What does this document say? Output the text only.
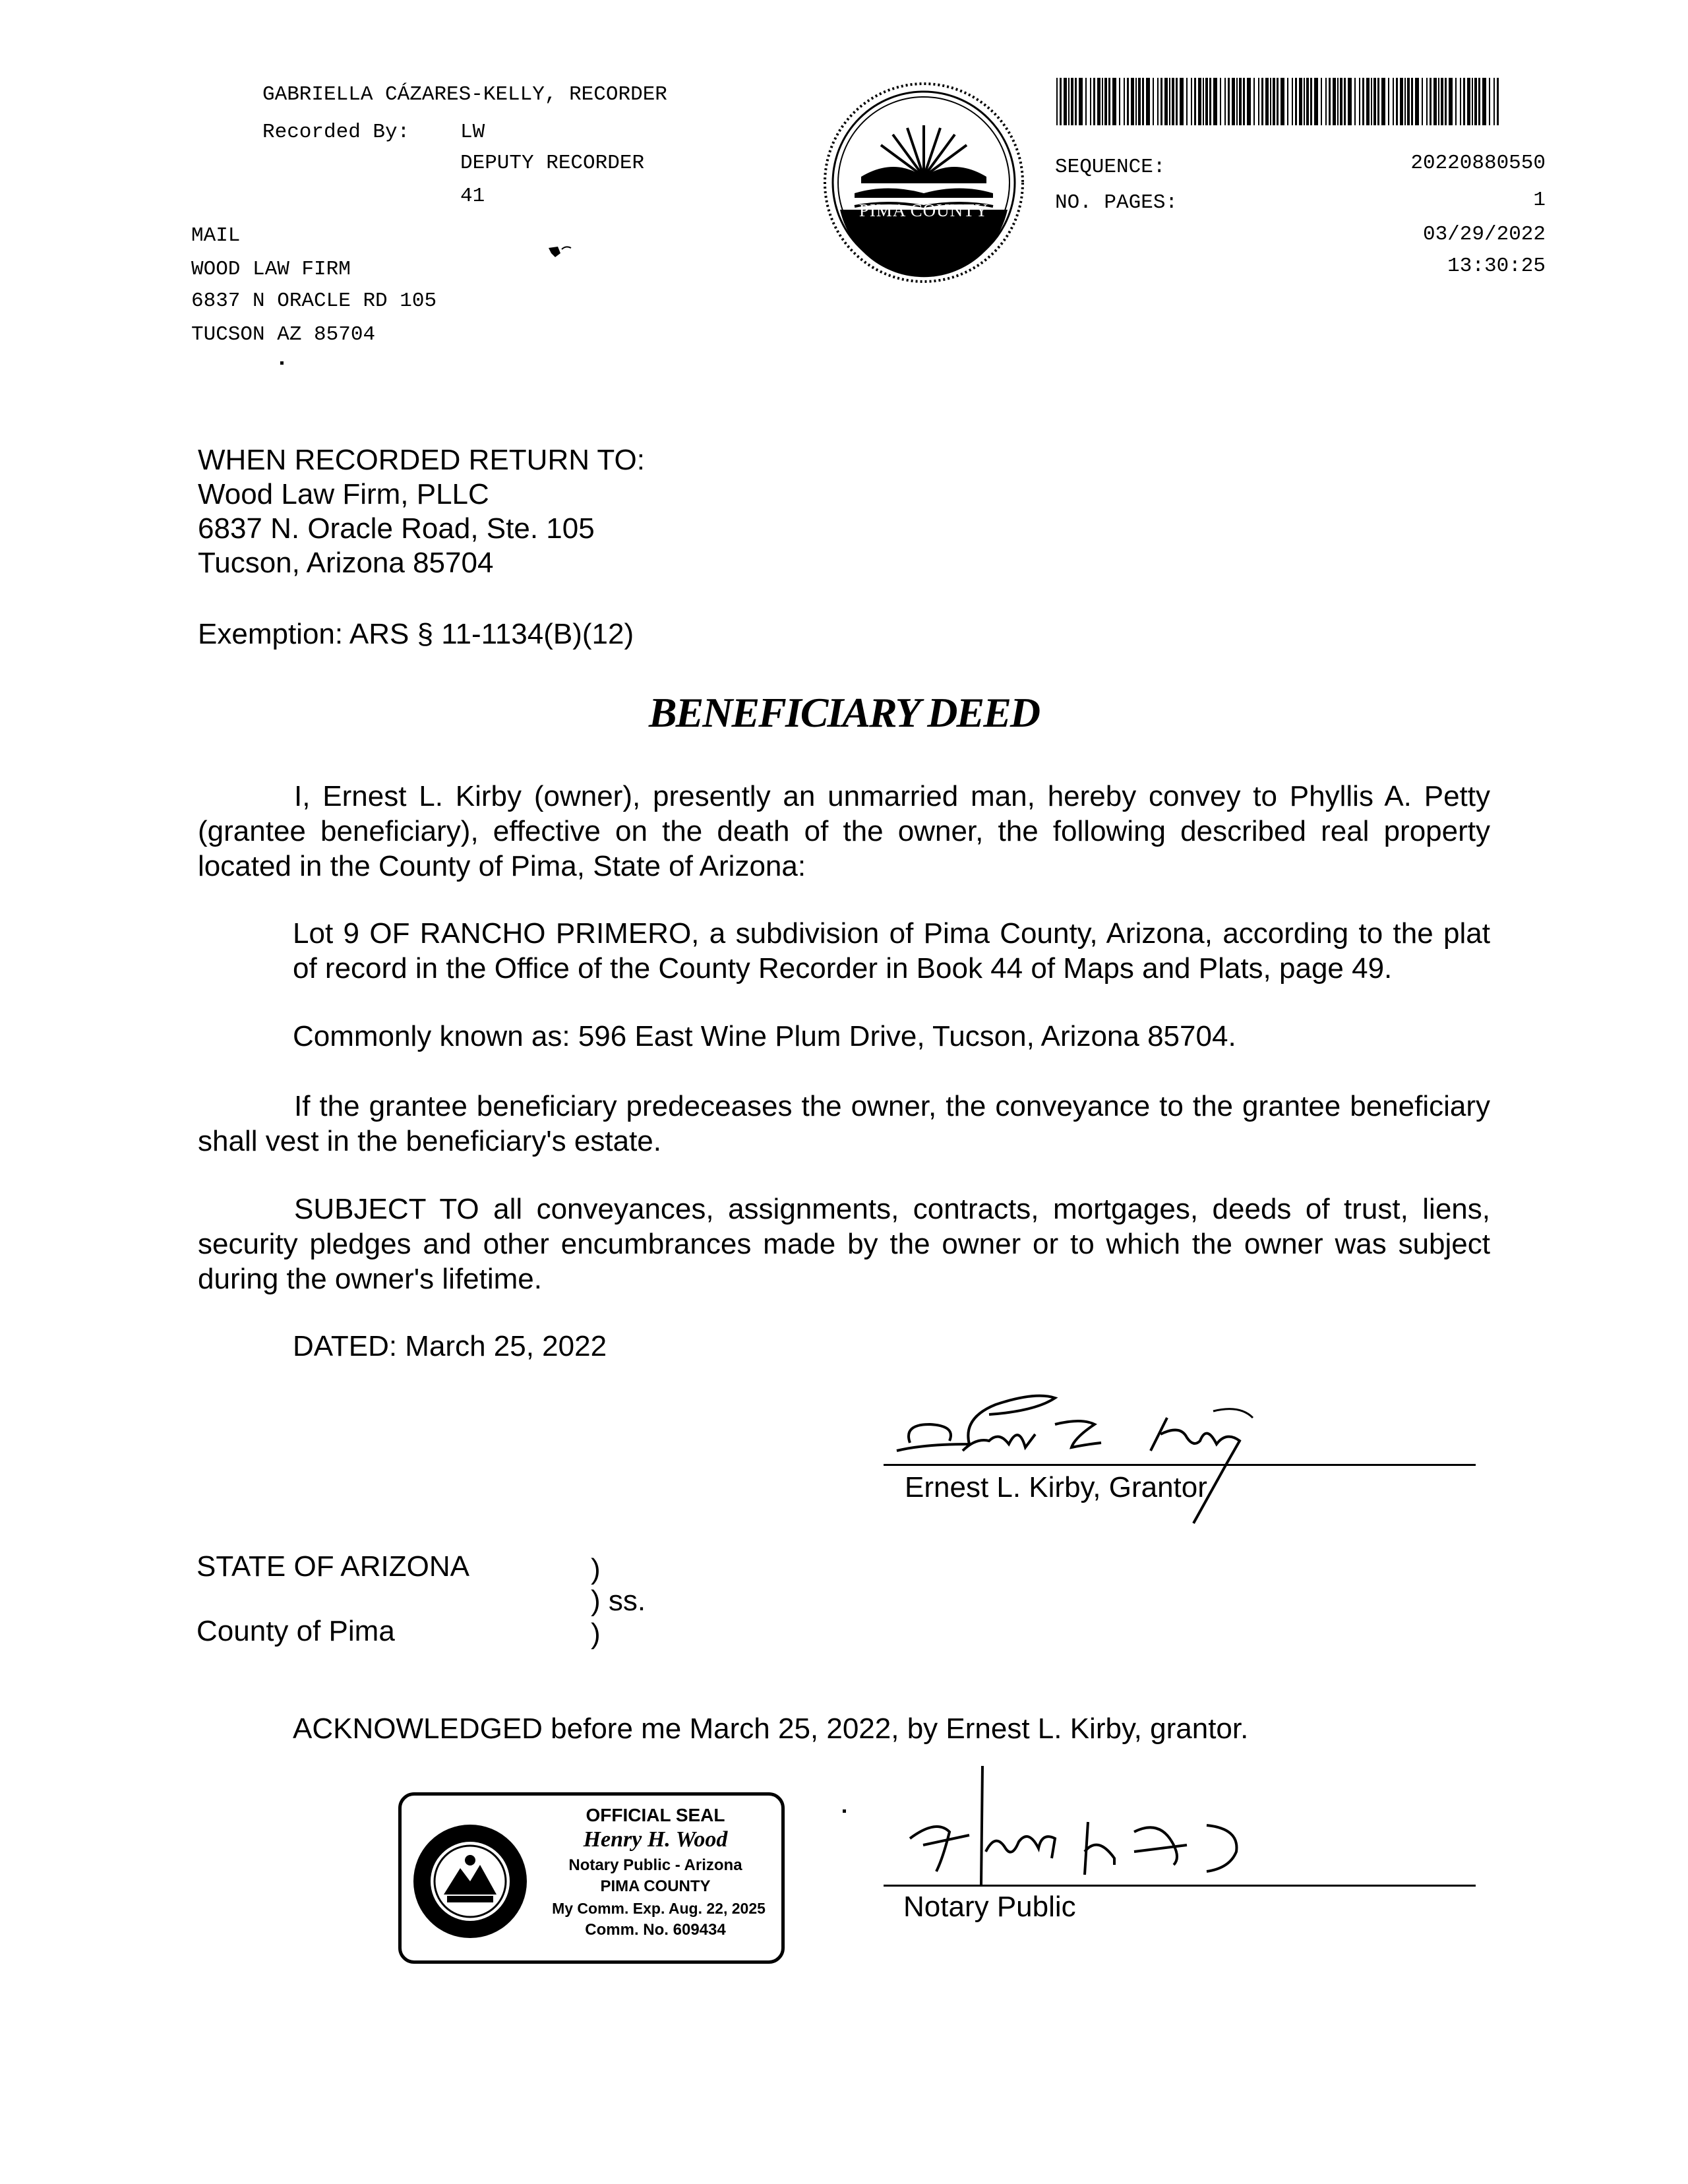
GABRIELLA CÁZARES-KELLY, RECORDER
Recorded By: LW
DEPUTY RECORDER
41
MAIL
WOOD LAW FIRM
6837 N ORACLE RD 105
TUCSON AZ 85704
PIMA COUNTY
SEQUENCE:	20220880550
NO. PAGES:	1
03/29/2022
13:30:25
WHEN RECORDED RETURN TO:
Wood Law Firm, PLLC
6837 N. Oracle Road, Ste. 105
Tucson, Arizona 85704
Exemption: ARS § 11-1134(B)(12)
BENEFICIARY DEED
I, Ernest L. Kirby (owner), presently an unmarried man, hereby convey to Phyllis A. Petty (grantee beneficiary), effective on the death of the owner, the following described real property located in the County of Pima, State of Arizona:
Lot 9 OF RANCHO PRIMERO, a subdivision of Pima County, Arizona, according to the plat of record in the Office of the County Recorder in Book 44 of Maps and Plats, page 49.
Commonly known as: 596 East Wine Plum Drive, Tucson, Arizona 85704.
If the grantee beneficiary predeceases the owner, the conveyance to the grantee beneficiary shall vest in the beneficiary's estate.
SUBJECT TO all conveyances, assignments, contracts, mortgages, deeds of trust, liens, security pledges and other encumbrances made by the owner or to which the owner was subject during the owner's lifetime.
DATED: March 25, 2022
Ernest L. Kirby, Grantor
STATE OF ARIZONA	)
) ss.
County of Pima	)
ACKNOWLEDGED before me March 25, 2022, by Ernest L. Kirby, grantor.
OFFICIAL SEAL
Henry H. Wood
Notary Public - Arizona
PIMA COUNTY
My Comm. Exp. Aug. 22, 2025
Comm. No. 609434
Notary Public
